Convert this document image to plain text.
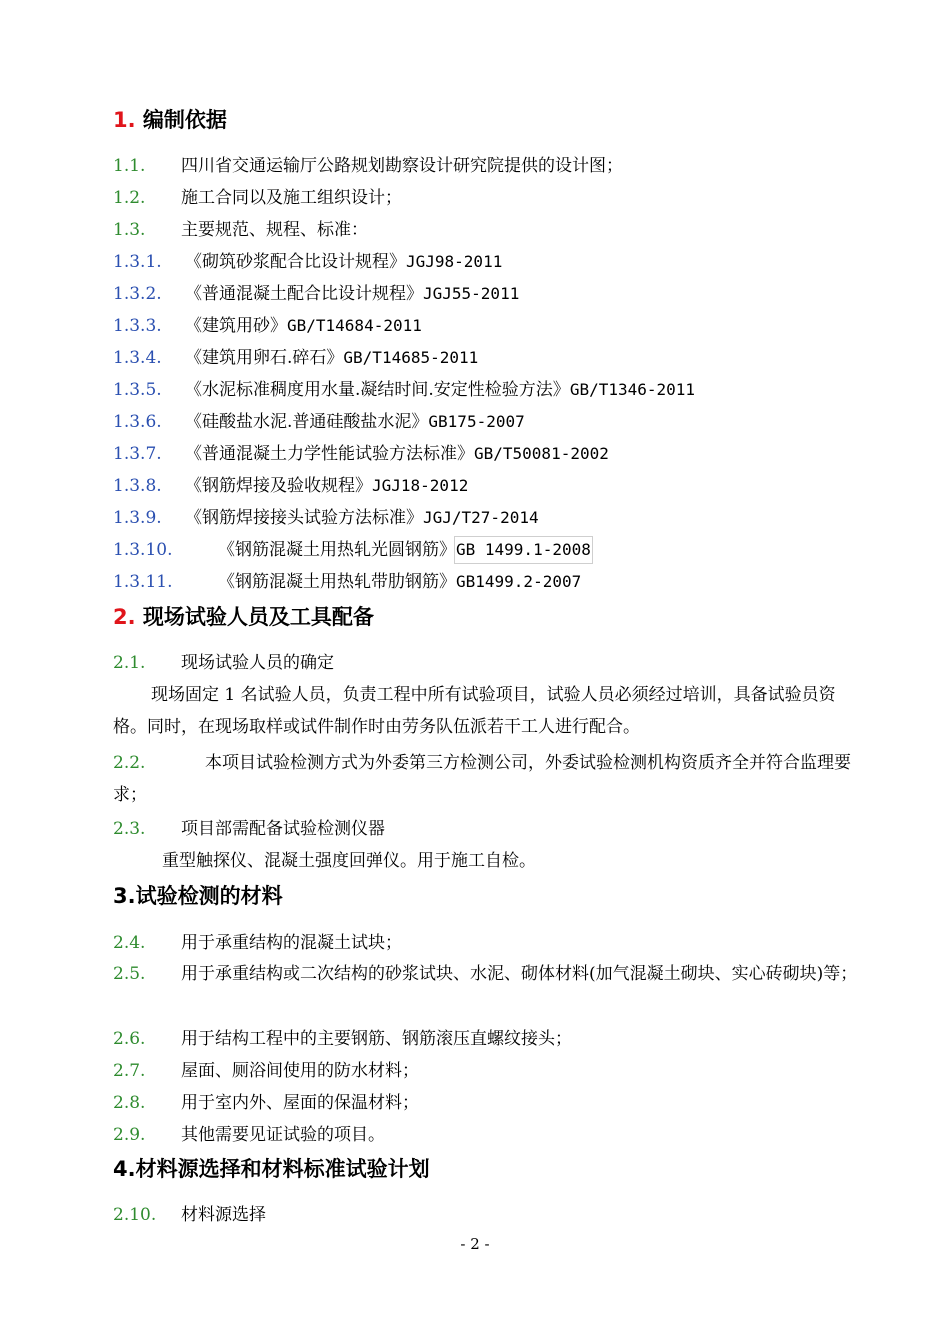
1. 编制依据
1.1. 四川省交通运输厅公路规划勘察设计研究院提供的设计图；
1.2. 施工合同以及施工组织设计；
1.3. 主要规范、规程、标准：
1.3.1. 《砌筑砂浆配合比设计规程》JGJ98-2011
1.3.2. 《普通混凝土配合比设计规程》JGJ55-2011
1.3.3. 《建筑用砂》GB/T14684-2011
1.3.4. 《建筑用卵石.碎石》GB/T14685-2011
1.3.5. 《水泥标准稠度用水量.凝结时间.安定性检验方法》GB/T1346-2011
1.3.6. 《硅酸盐水泥.普通硅酸盐水泥》GB175-2007
1.3.7. 《普通混凝土力学性能试验方法标准》GB/T50081-2002
1.3.8. 《钢筋焊接及验收规程》JGJ18-2012
1.3.9. 《钢筋焊接接头试验方法标准》JGJ/T27-2014
1.3.10.	《钢筋混凝土用热轧光圆钢筋》GB 1499.1-2008
1.3.11.	《钢筋混凝土用热轧带肋钢筋》GB1499.2-2007
2. 现场试验人员及工具配备
2.1. 现场试验人员的确定
现场固定 1 名试验人员，负责工程中所有试验项目，试验人员必须经过培训，具备试验员资格。同时，在现场取样或试件制作时由劳务队伍派若干工人进行配合。
2.2.	本项目试验检测方式为外委第三方检测公司，外委试验检测机构资质齐全并符合监理要求；
2.3. 项目部需配备试验检测仪器
重型触探仪、混凝土强度回弹仪。用于施工自检。
3.试验检测的材料
2.4. 用于承重结构的混凝土试块；
2.5. 用于承重结构或二次结构的砂浆试块、水泥、砌体材料(加气混凝土砌块、实心砖砌块)等；
2.6. 用于结构工程中的主要钢筋、钢筋滚压直螺纹接头；
2.7. 屋面、厕浴间使用的防水材料；
2.8. 用于室内外、屋面的保温材料；
2.9. 其他需要见证试验的项目。
4.材料源选择和材料标准试验计划
2.10. 材料源选择
- 2 -
